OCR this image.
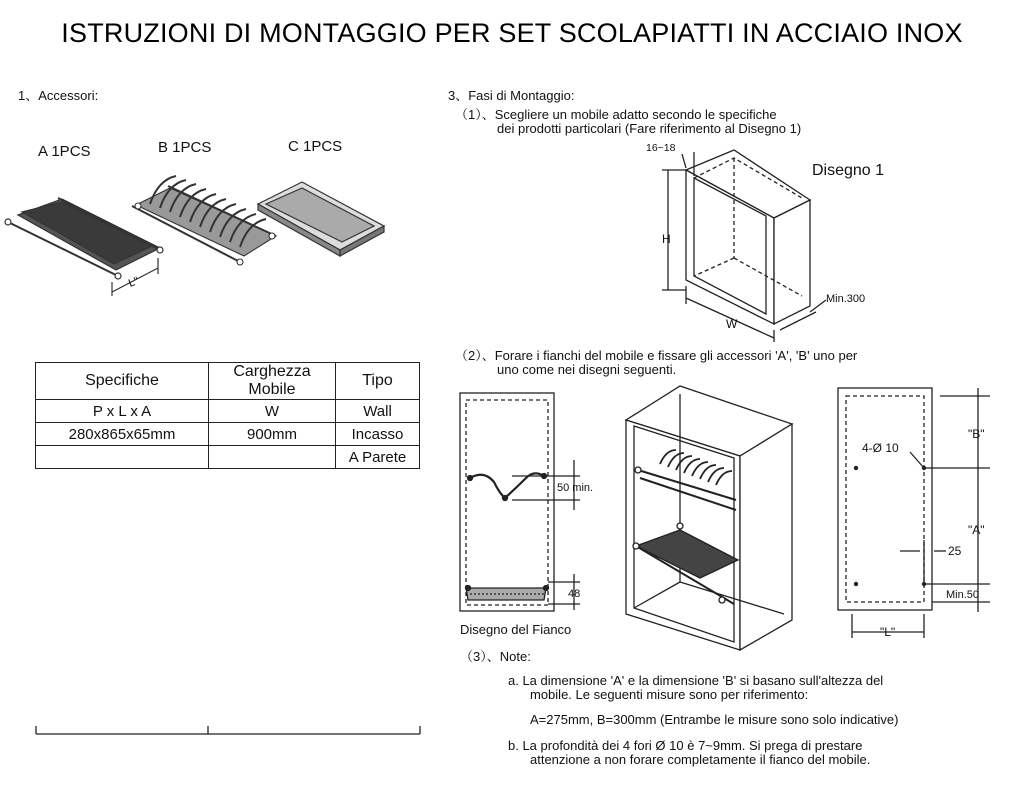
ISTRUZIONI DI MONTAGGIO PER SET SCOLAPIATTI IN ACCIAIO INOX
1、Accessori:
A 1PCS	B 1PCS	C 1PCS
L"
Specifiche	Carghezza Mobile	Tipo
P x L x A	W	Wall
280x865x65mm	900mm	Incasso
		A Parete
3、Fasi di Montaggio:
（1）、Scegliere un mobile adatto secondo le specifiche
dei prodotti particolari (Fare riferimento al Disegno 1)
16~18
Disegno 1
H
W
Min.300
（2）、Forare i fianchi del mobile e fissare gli accessori 'A', 'B' uno per
uno come nei disegni seguenti.
50 min.
48
Disegno del Fianco
"B"
4-Ø 10
"A"
25
Min.50
"L"
（3）、Note:
a. La dimensione 'A' e la dimensione 'B' si basano sull'altezza del
mobile. Le seguenti misure sono per riferimento:
A=275mm, B=300mm (Entrambe le misure sono solo indicative)
b. La profondità dei 4 fori Ø 10 è 7~9mm. Si prega di prestare
attenzione a non forare completamente il fianco del mobile.
